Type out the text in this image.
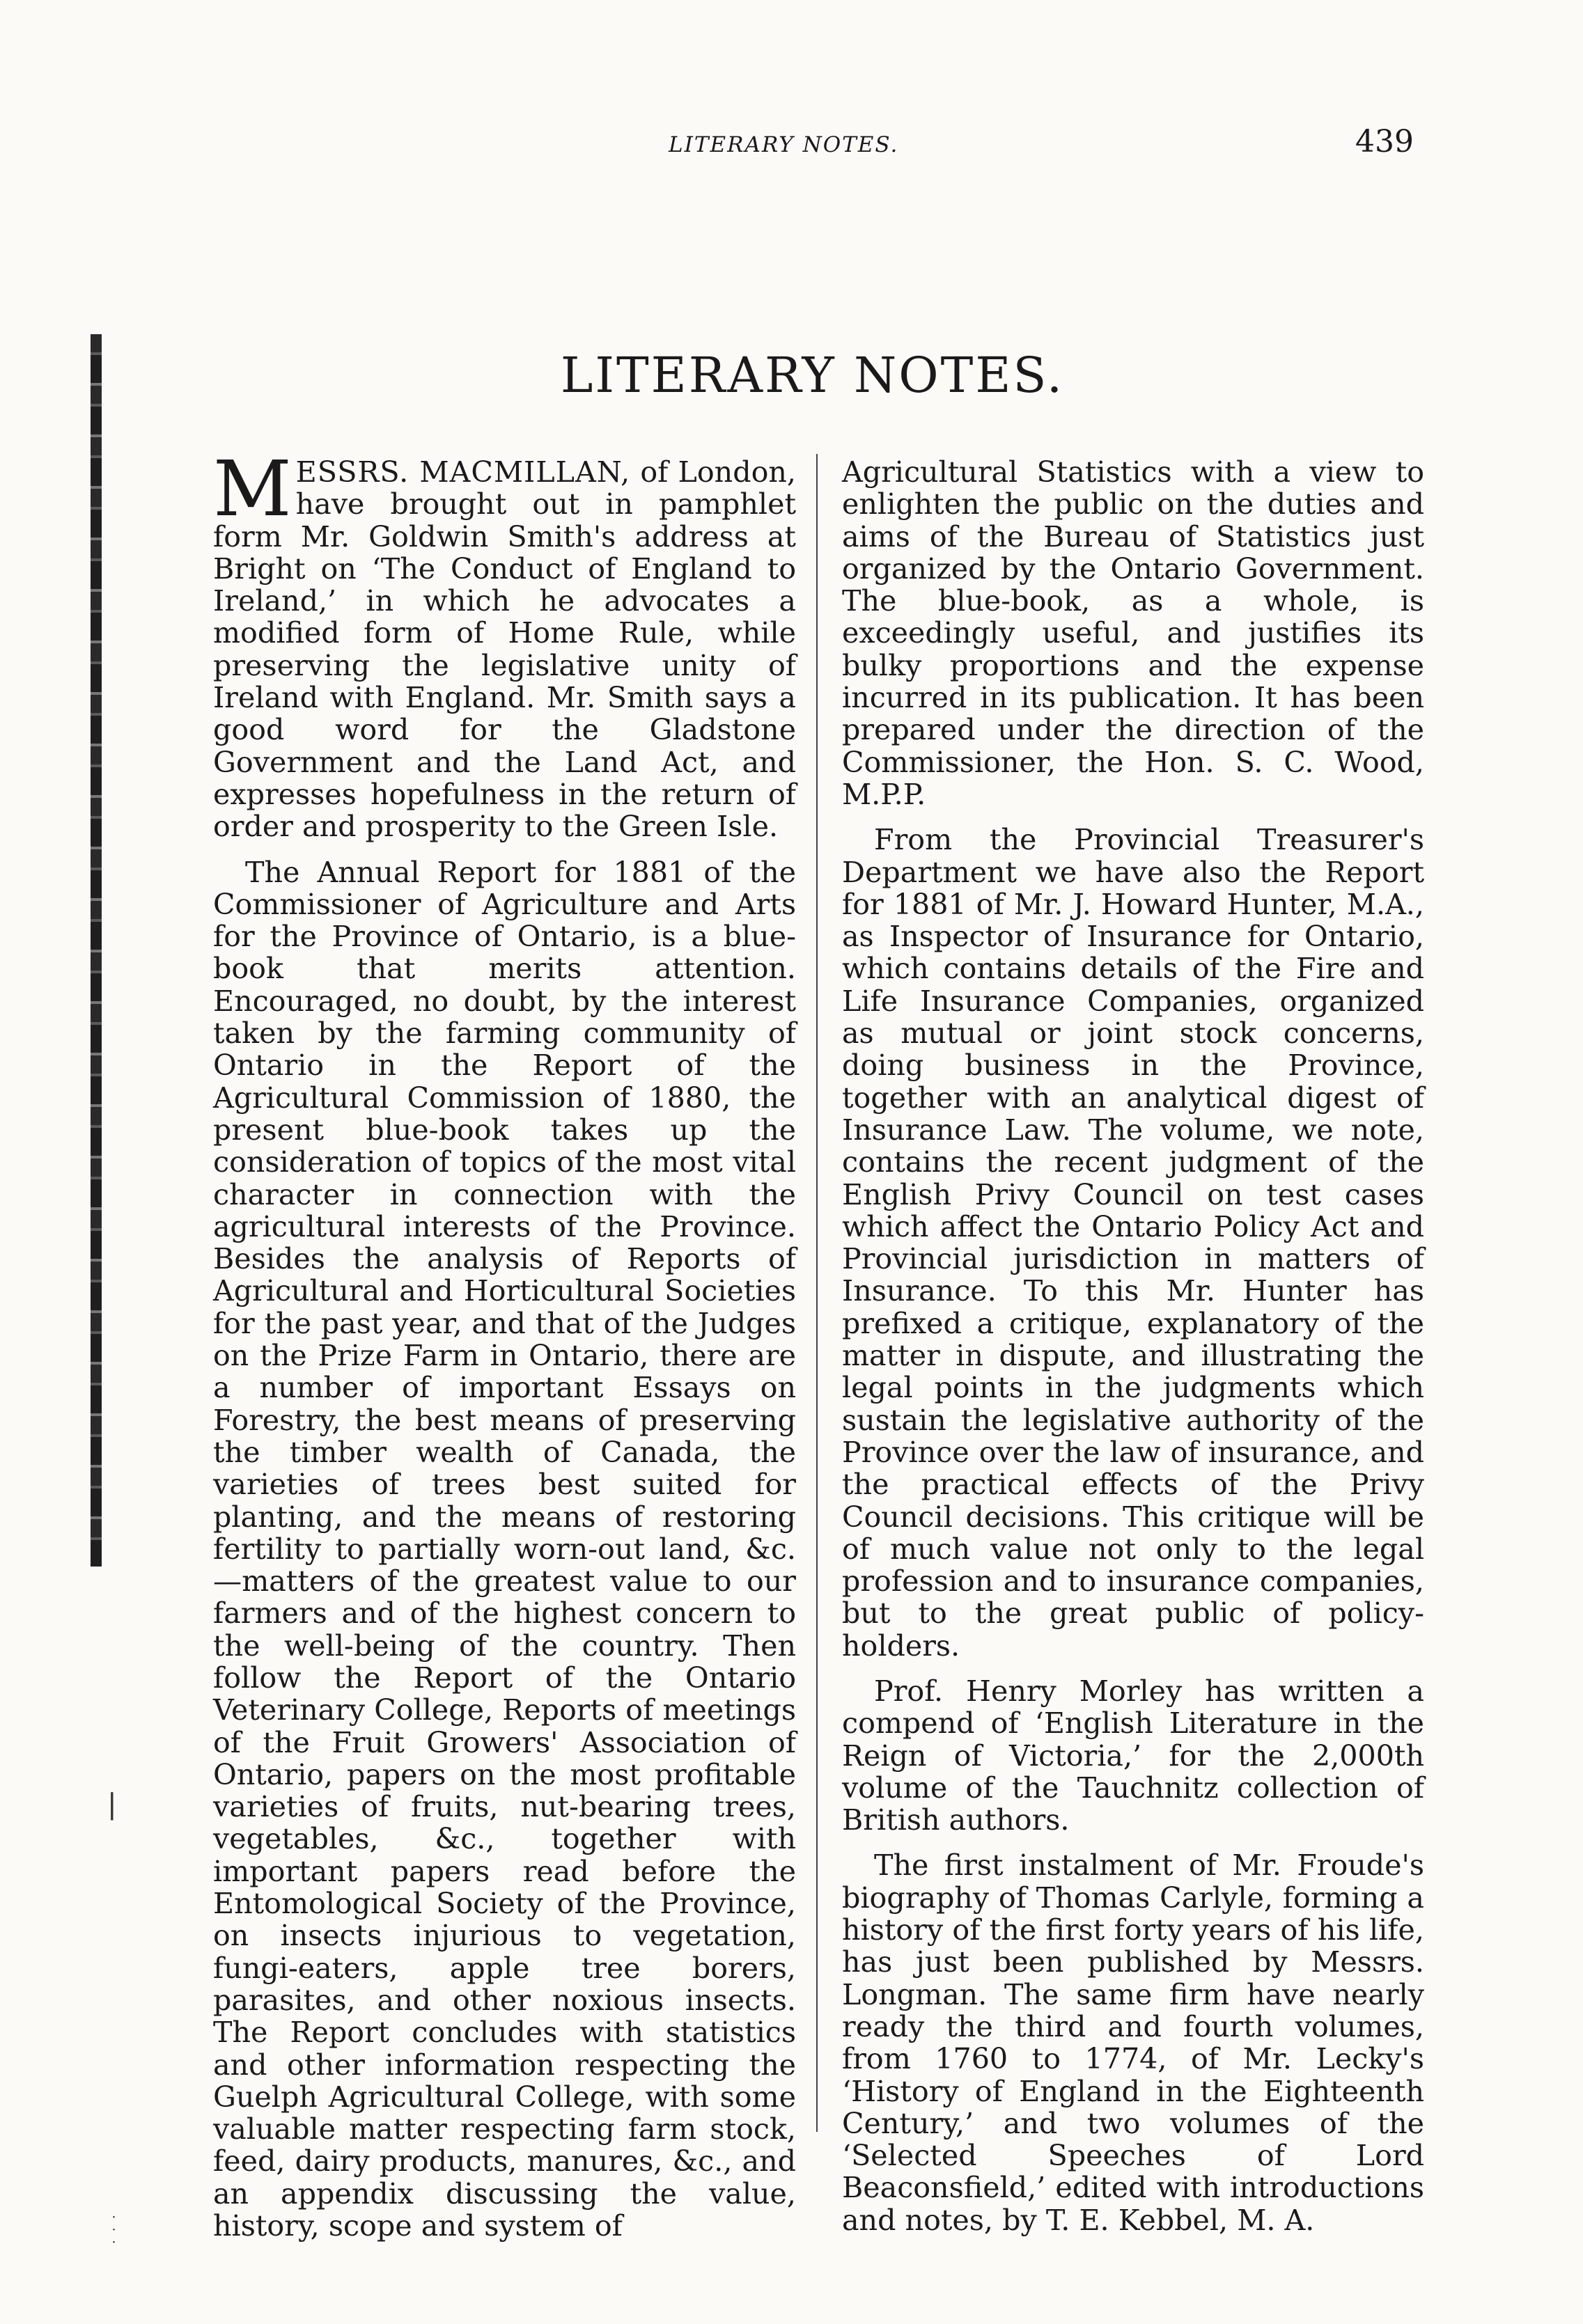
LITERARY NOTES.	439
LITERARY NOTES.
▕
˙
˙
˙

MESSRS. MACMILLAN, of London, have brought out in pamphlet form Mr. Goldwin Smith's address at Bright on ‘The Conduct of England to Ireland,’ in which he advocates a modified form of Home Rule, while preserving the legislative unity of Ireland with England. Mr. Smith says a good word for the Gladstone Government and the Land Act, and expresses hopefulness in the return of order and prosperity to the Green Isle.

The Annual Report for 1881 of the Commissioner of Agriculture and Arts for the Province of Ontario, is a blue-book that merits attention. Encouraged, no doubt, by the interest taken by the farming community of Ontario in the Report of the Agricultural Commission of 1880, the present blue-book takes up the consideration of topics of the most vital character in connection with the agricultural interests of the Province. Besides the analysis of Reports of Agricultural and Horticultural Societies for the past year, and that of the Judges on the Prize Farm in Ontario, there are a number of important Essays on Forestry, the best means of preserving the timber wealth of Canada, the varieties of trees best suited for planting, and the means of restoring fertility to partially worn-out land, &c.—matters of the greatest value to our farmers and of the highest concern to the well-being of the country. Then follow the Report of the Ontario Veterinary College, Reports of meetings of the Fruit Growers' Association of Ontario, papers on the most profitable varieties of fruits, nut-bearing trees, vegetables, &c., together with important papers read before the Entomological Society of the Province, on insects injurious to vegetation, fungi-eaters, apple tree borers, parasites, and other noxious insects. The Report concludes with statistics and other information respecting the Guelph Agricultural College, with some valuable matter respecting farm stock, feed, dairy products, manures, &c., and an appendix discussing the value, history, scope and system of

Agricultural Statistics with a view to enlighten the public on the duties and aims of the Bureau of Statistics just organized by the Ontario Government. The blue-book, as a whole, is exceedingly useful, and justifies its bulky proportions and the expense incurred in its publication. It has been prepared under the direction of the Commissioner, the Hon. S. C. Wood, M.P.P.

From the Provincial Treasurer's Department we have also the Report for 1881 of Mr. J. Howard Hunter, M.A., as Inspector of Insurance for Ontario, which contains details of the Fire and Life Insurance Companies, organized as mutual or joint stock concerns, doing business in the Province, together with an analytical digest of Insurance Law. The volume, we note, contains the recent judgment of the English Privy Council on test cases which affect the Ontario Policy Act and Provincial jurisdiction in matters of Insurance. To this Mr. Hunter has prefixed a critique, explanatory of the matter in dispute, and illustrating the legal points in the judgments which sustain the legislative authority of the Province over the law of insurance, and the practical effects of the Privy Council decisions. This critique will be of much value not only to the legal profession and to insurance companies, but to the great public of policy-holders.

Prof. Henry Morley has written a compend of ‘English Literature in the Reign of Victoria,’ for the 2,000th volume of the Tauchnitz collection of British authors.

The first instalment of Mr. Froude's biography of Thomas Carlyle, forming a history of the first forty years of his life, has just been published by Messrs. Longman. The same firm have nearly ready the third and fourth volumes, from 1760 to 1774, of Mr. Lecky's ‘History of England in the Eighteenth Century,’ and two volumes of the ‘Selected Speeches of Lord Beaconsfield,’ edited with introductions and notes, by T. E. Kebbel, M. A.
